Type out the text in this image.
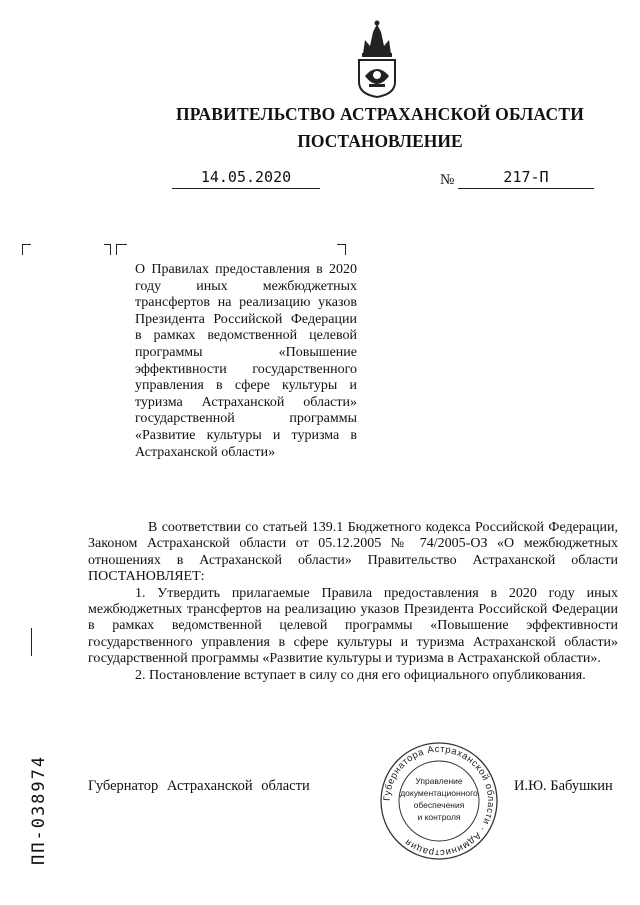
ПРАВИТЕЛЬСТВО АСТРАХАНСКОЙ ОБЛАСТИ
ПОСТАНОВЛЕНИЕ
14.05.2020	№	217-П
О Правилах предоставления в 2020 году иных межбюджетных трансфертов на реализацию указов Президента Российской Федерации в рамках ведомственной целевой программы «Повышение эффективности государственного управления в сфере культуры и туризма Астраханской области» государственной программы «Развитие культуры и туризма в Астраханской области»

В соответствии со статьей 139.1 Бюджетного кодекса Российской Федерации, Законом Астраханской области от 05.12.2005 № 74/2005-ОЗ «О межбюджетных отношениях в Астраханской области» Правительство Астраханской области ПОСТАНОВЛЯЕТ:

1. Утвердить прилагаемые Правила предоставления в 2020 году иных межбюджетных трансфертов на реализацию указов Президента Российской Федерации в рамках ведомственной целевой программы «Повышение эффективности государственного управления в сфере культуры и туризма Астраханской области» государственной программы «Развитие культуры и туризма в Астраханской области».

2. Постановление вступает в силу со дня его официального опубликования.

Губернатор Астраханской области	И.Ю. Бабушкин
Губернатора Астраханской области · Администрация
Управление
документационного
обеспечения
и контроля
ПП-038974
